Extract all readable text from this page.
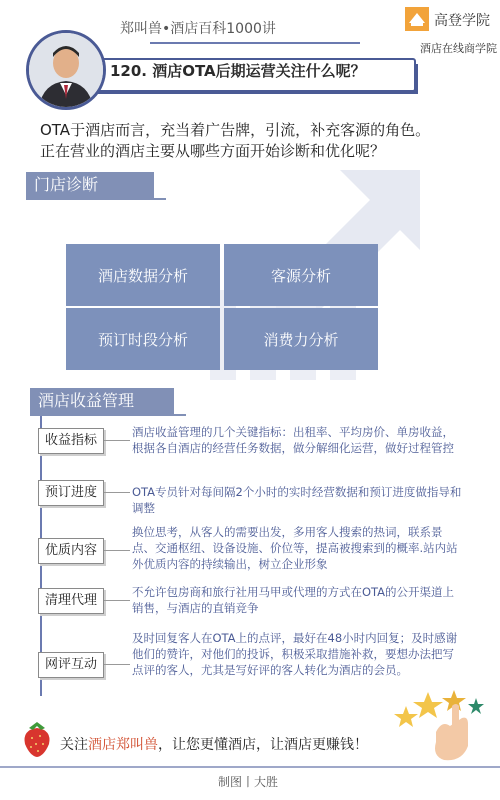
郑叫兽•酒店百科1000讲	高登学院
酒店在线商学院
120. 酒店OTA后期运营关注什么呢？
OTA于酒店而言，充当着广告牌，引流，补充客源的角色。
正在营业的酒店主要从哪些方面开始诊断和优化呢？
门店诊断
酒店数据分析	客源分析
预订时段分析	消费力分析
酒店收益管理
收益指标
酒店收益管理的几个关键指标：出租率、平均房价、单房收益，根据各自酒店的经营任务数据，做分解细化运营，做好过程管控
预订进度	OTA专员针对每间隔2个小时的实时经营数据和预订进度做指导和调整
优质内容
换位思考，从客人的需要出发，多用客人搜索的热词，联系景点、交通枢纽、设备设施、价位等，提高被搜索到的概率.站内站外优质内容的持续输出，树立企业形象
清理代理
不允许包房商和旅行社用马甲或代理的方式在OTA的公开渠道上销售，与酒店的直销竞争
网评互动
及时回复客人在OTA上的点评，最好在48小时内回复；及时感谢他们的赞许，对他们的投诉，积极采取措施补救，要想办法把写点评的客人，尤其是写好评的客人转化为酒店的会员。
关注酒店郑叫兽，让您更懂酒店，让酒店更赚钱！
制图丨大胜
